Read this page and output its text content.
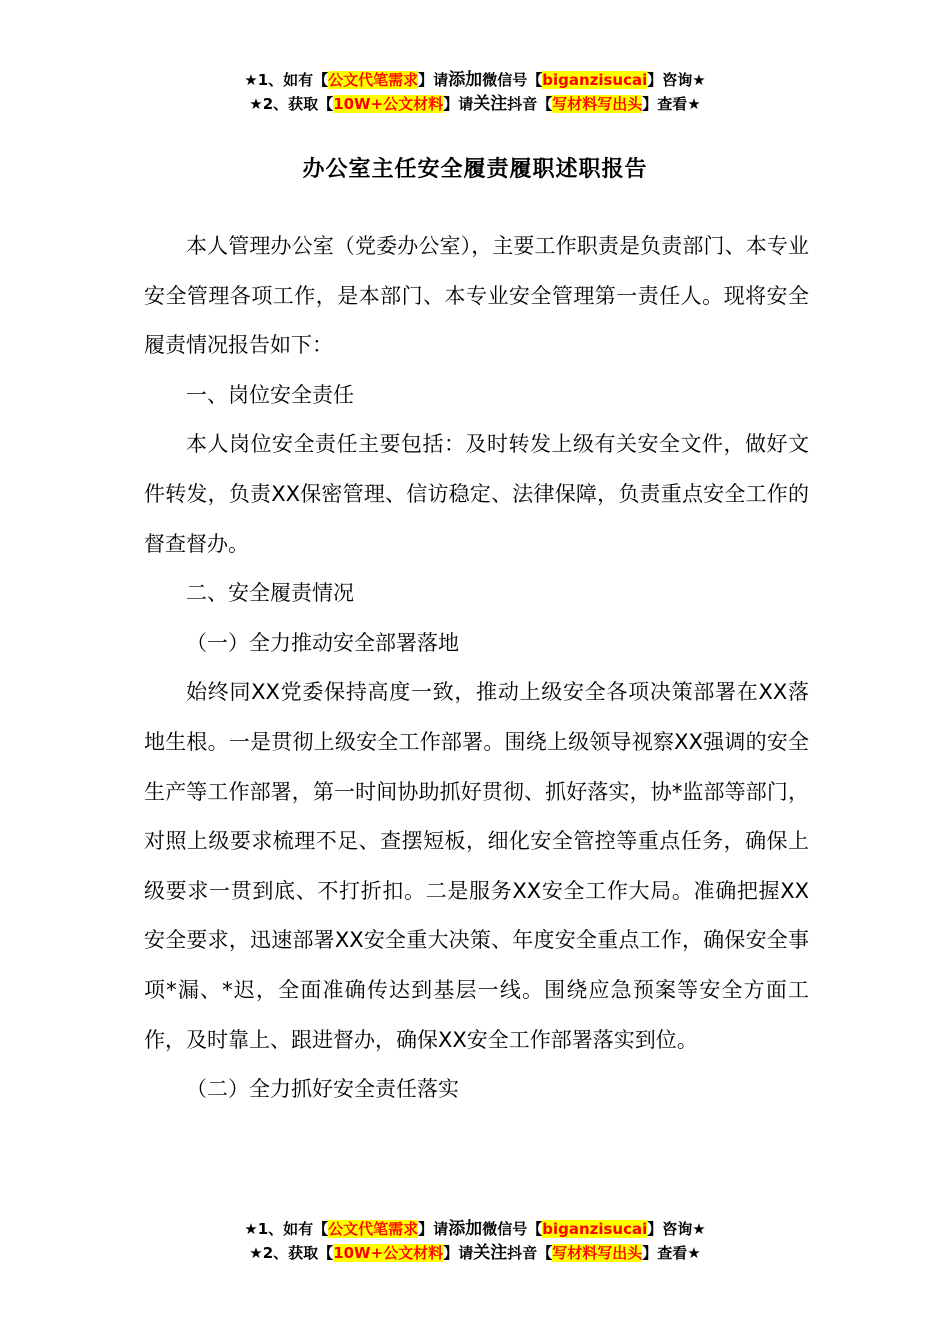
★1、如有【公文代笔需求】请添加微信号【biganzisucai】咨询★
★2、获取【10W+公文材料】请关注抖音【写材料写出头】查看★
办公室主任安全履责履职述职报告

本人管理办公室（党委办公室），主要工作职责是负责部门、本专业安全管理各项工作，是本部门、本专业安全管理第一责任人。现将安全履责情况报告如下：

一、岗位安全责任

本人岗位安全责任主要包括：及时转发上级有关安全文件，做好文件转发，负责XX保密管理、信访稳定、法律保障，负责重点安全工作的督查督办。

二、安全履责情况

（一）全力推动安全部署落地

始终同XX党委保持高度一致，推动上级安全各项决策部署在XX落地生根。一是贯彻上级安全工作部署。围绕上级领导视察XX强调的安全生产等工作部署，第一时间协助抓好贯彻、抓好落实，协*监部等部门，对照上级要求梳理不足、查摆短板，细化安全管控等重点任务，确保上级要求一贯到底、不打折扣。二是服务XX安全工作大局。准确把握XX安全要求，迅速部署XX安全重大决策、年度安全重点工作，确保安全事项*漏、*迟，全面准确传达到基层一线。围绕应急预案等安全方面工作，及时靠上、跟进督办，确保XX安全工作部署落实到位。

（二）全力抓好安全责任落实

★1、如有【公文代笔需求】请添加微信号【biganzisucai】咨询★
★2、获取【10W+公文材料】请关注抖音【写材料写出头】查看★
